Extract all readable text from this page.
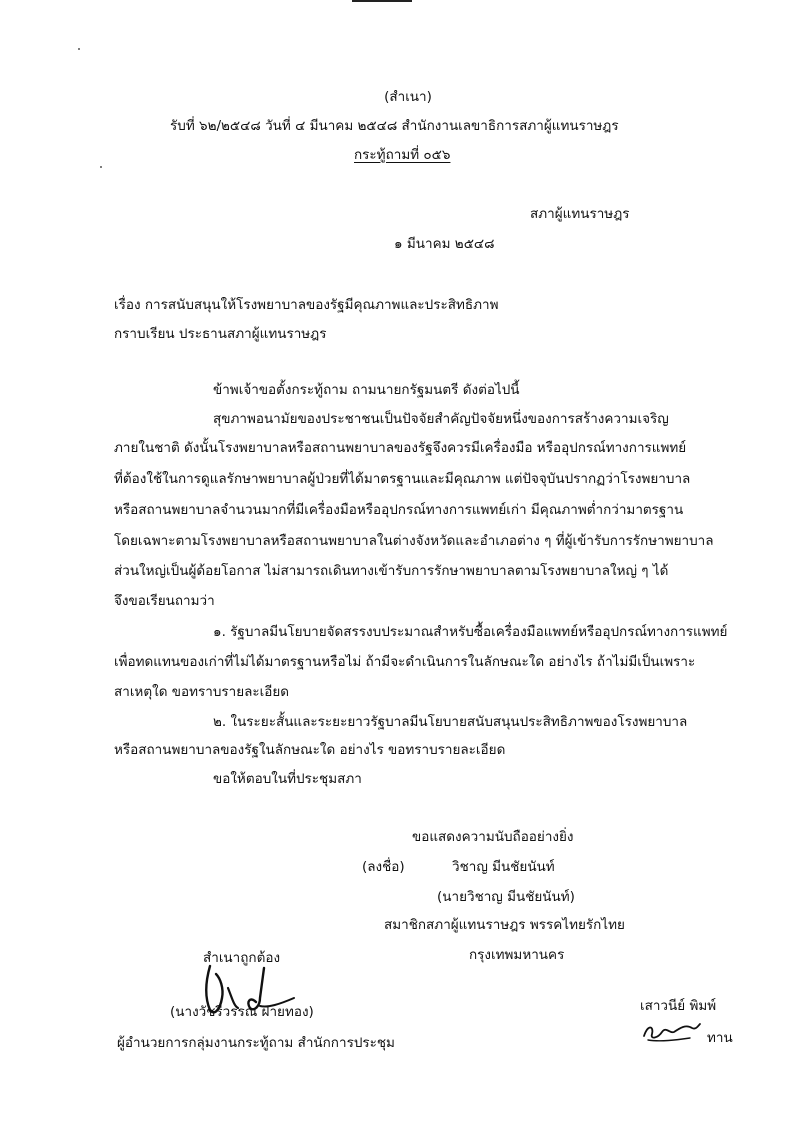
(สำเนา)
รับที่ ๖๒/๒๕๔๘ วันที่ ๔ มีนาคม ๒๕๔๘ สำนักงานเลขาธิการสภาผู้แทนราษฎร
กระทู้ถามที่ ๐๕๖
สภาผู้แทนราษฎร
๑ มีนาคม ๒๕๔๘
เรื่อง การสนับสนุนให้โรงพยาบาลของรัฐมีคุณภาพและประสิทธิภาพ
กราบเรียน ประธานสภาผู้แทนราษฎร
ข้าพเจ้าขอตั้งกระทู้ถาม ถามนายกรัฐมนตรี ดังต่อไปนี้
สุขภาพอนามัยของประชาชนเป็นปัจจัยสำคัญปัจจัยหนึ่งของการสร้างความเจริญ
ภายในชาติ ดังนั้นโรงพยาบาลหรือสถานพยาบาลของรัฐจึงควรมีเครื่องมือ หรืออุปกรณ์ทางการแพทย์
ที่ต้องใช้ในการดูแลรักษาพยาบาลผู้ป่วยที่ได้มาตรฐานและมีคุณภาพ แต่ปัจจุบันปรากฏว่าโรงพยาบาล
หรือสถานพยาบาลจำนวนมากที่มีเครื่องมือหรืออุปกรณ์ทางการแพทย์เก่า มีคุณภาพต่ำกว่ามาตรฐาน
โดยเฉพาะตามโรงพยาบาลหรือสถานพยาบาลในต่างจังหวัดและอำเภอต่าง ๆ ที่ผู้เข้ารับการรักษาพยาบาล
ส่วนใหญ่เป็นผู้ด้อยโอกาส ไม่สามารถเดินทางเข้ารับการรักษาพยาบาลตามโรงพยาบาลใหญ่ ๆ ได้
จึงขอเรียนถามว่า
๑. รัฐบาลมีนโยบายจัดสรรงบประมาณสำหรับซื้อเครื่องมือแพทย์หรืออุปกรณ์ทางการแพทย์
เพื่อทดแทนของเก่าที่ไม่ได้มาตรฐานหรือไม่ ถ้ามีจะดำเนินการในลักษณะใด อย่างไร ถ้าไม่มีเป็นเพราะ
สาเหตุใด ขอทราบรายละเอียด
๒. ในระยะสั้นและระยะยาวรัฐบาลมีนโยบายสนับสนุนประสิทธิภาพของโรงพยาบาล
หรือสถานพยาบาลของรัฐในลักษณะใด อย่างไร ขอทราบรายละเอียด
ขอให้ตอบในที่ประชุมสภา
ขอแสดงความนับถืออย่างยิ่ง
(ลงชื่อ)	วิชาญ มีนชัยนันท์
(นายวิชาญ มีนชัยนันท์)
สมาชิกสภาผู้แทนราษฎร พรรคไทยรักไทย
กรุงเทพมหานคร
สำเนาถูกต้อง
(นางวัชรีวรรณ ฝ่ายทอง)
ผู้อำนวยการกลุ่มงานกระทู้ถาม สำนักการประชุม
เสาวนีย์ พิมพ์
ทาน
